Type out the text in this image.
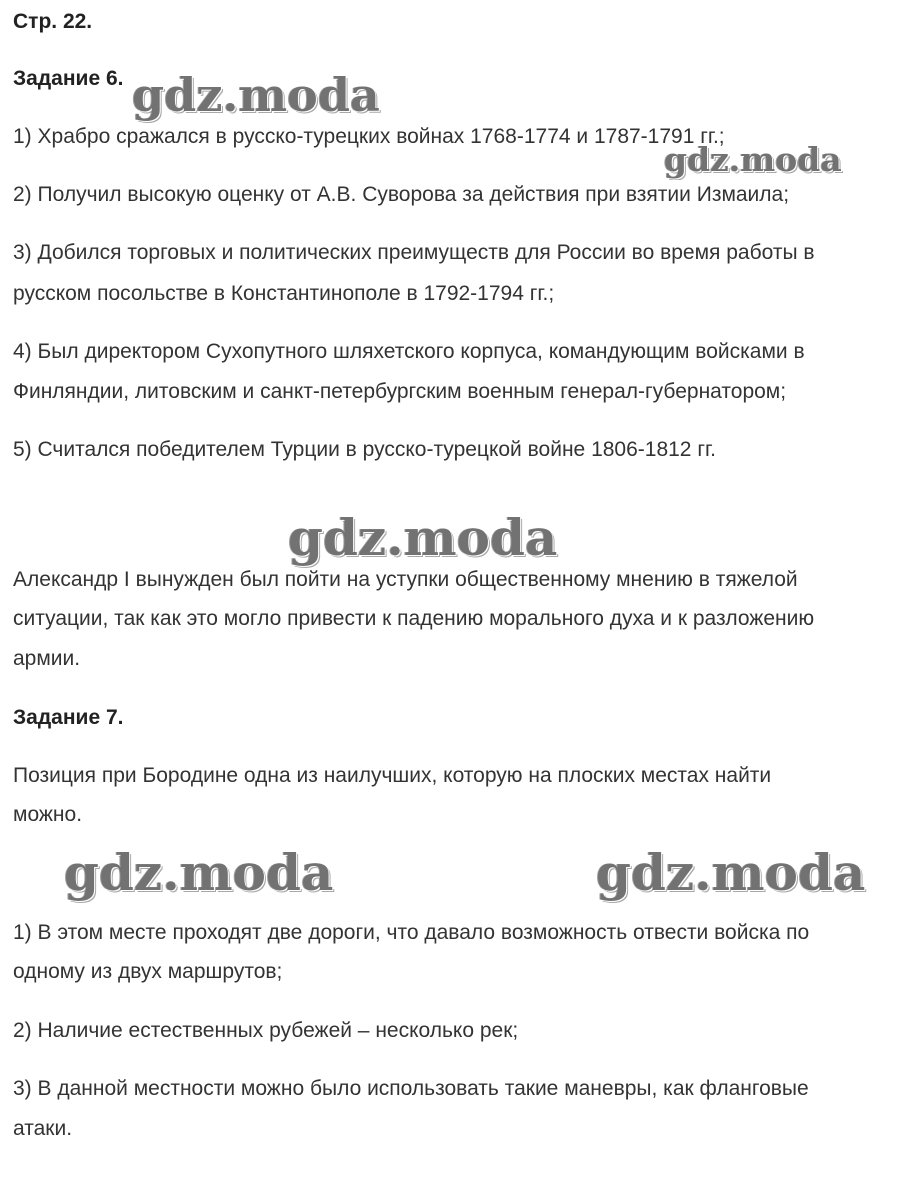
Стр. 22.
Задание 6.
1) Храбро сражался в русско-турецких войнах 1768-1774 и 1787-1791 гг.;
2) Получил высокую оценку от А.В. Суворова за действия при взятии Измаила;
3) Добился торговых и политических преимуществ для России во время работы в
русском посольстве в Константинополе в 1792-1794 гг.;
4) Был директором Сухопутного шляхетского корпуса, командующим войсками в
Финляндии, литовским и санкт-петербургским военным генерал-губернатором;
5) Считался победителем Турции в русско-турецкой войне 1806-1812 гг.
Александр I вынужден был пойти на уступки общественному мнению в тяжелой
ситуации, так как это могло привести к падению морального духа и к разложению
армии.
Задание 7.
Позиция при Бородине одна из наилучших, которую на плоских местах найти
можно.
1) В этом месте проходят две дороги, что давало возможность отвести войска по
одному из двух маршрутов;
2) Наличие естественных рубежей – несколько рек;
3) В данной местности можно было использовать такие маневры, как фланговые
атаки.
gdz.moda
gdz.moda
gdz.moda
gdz.moda	gdz.moda
